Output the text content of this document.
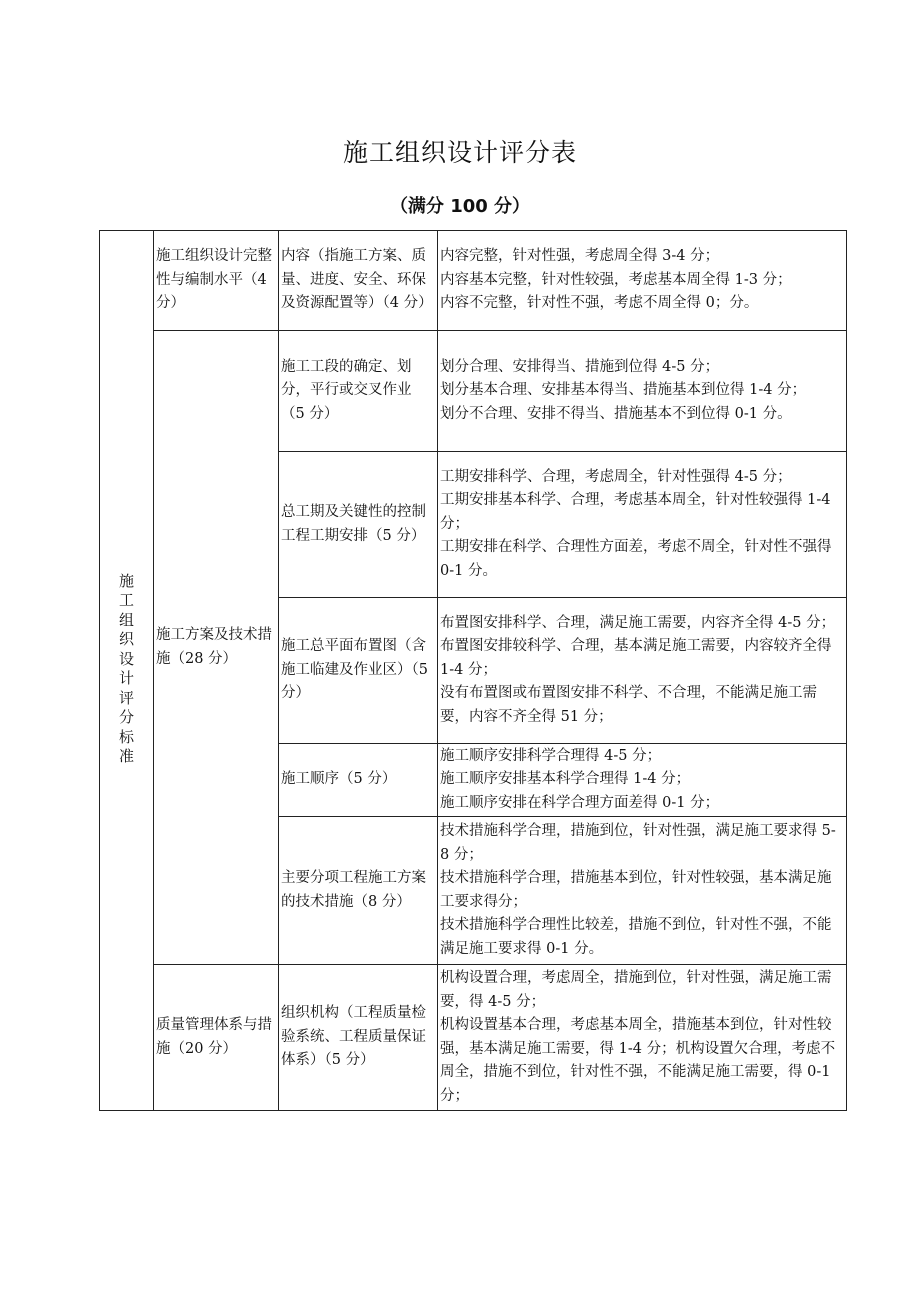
施工组织设计评分表
（满分 100 分）
施工组织设计评分标准	施工组织设计完整性与编制水平（4 分）	内容（指施工方案、质量、进度、安全、环保及资源配置等）（4 分）	内容完整，针对性强，考虑周全得 3-4 分；
内容基本完整，针对性较强，考虑基本周全得 1-3 分；
内容不完整，针对性不强，考虑不周全得 0；分。

	施工方案及技术措施（28 分）	施工工段的确定、划分，平行或交叉作业（5 分）	划分合理、安排得当、措施到位得 4-5 分；
划分基本合理、安排基本得当、措施基本到位得 1-4 分；
划分不合理、安排不得当、措施基本不到位得 0-1 分。

		总工期及关键性的控制工程工期安排（5 分）	工期安排科学、合理，考虑周全，针对性强得 4-5 分；
工期安排基本科学、合理，考虑基本周全，针对性较强得 1-4 分；
工期安排在科学、合理性方面差，考虑不周全，针对性不强得 0-1 分。

		施工总平面布置图（含施工临建及作业区）（5 分）	布置图安排科学、合理，满足施工需要，内容齐全得 4-5 分；
布置图安排较科学、合理，基本满足施工需要，内容较齐全得 1-4 分；
没有布置图或布置图安排不科学、不合理，不能满足施工需要，内容不齐全得 51 分；

		施工顺序（5 分）	施工顺序安排科学合理得 4-5 分；
施工顺序安排基本科学合理得 1-4 分；
施工顺序安排在科学合理方面差得 0-1 分；

		主要分项工程施工方案的技术措施（8 分）	技术措施科学合理，措施到位，针对性强，满足施工要求得 5-8 分；
技术措施科学合理，措施基本到位，针对性较强，基本满足施工要求得分；
技术措施科学合理性比较差，措施不到位，针对性不强，不能满足施工要求得 0-1 分。

	质量管理体系与措施（20 分）	组织机构（工程质量检验系统、工程质量保证体系）（5 分）	机构设置合理，考虑周全，措施到位，针对性强，满足施工需要，得 4-5 分；
机构设置基本合理，考虑基本周全，措施基本到位，针对性较强，基本满足施工需要，得 1-4 分；机构设置欠合理，考虑不周全，措施不到位，针对性不强，不能满足施工需要，得 0-1 分；
